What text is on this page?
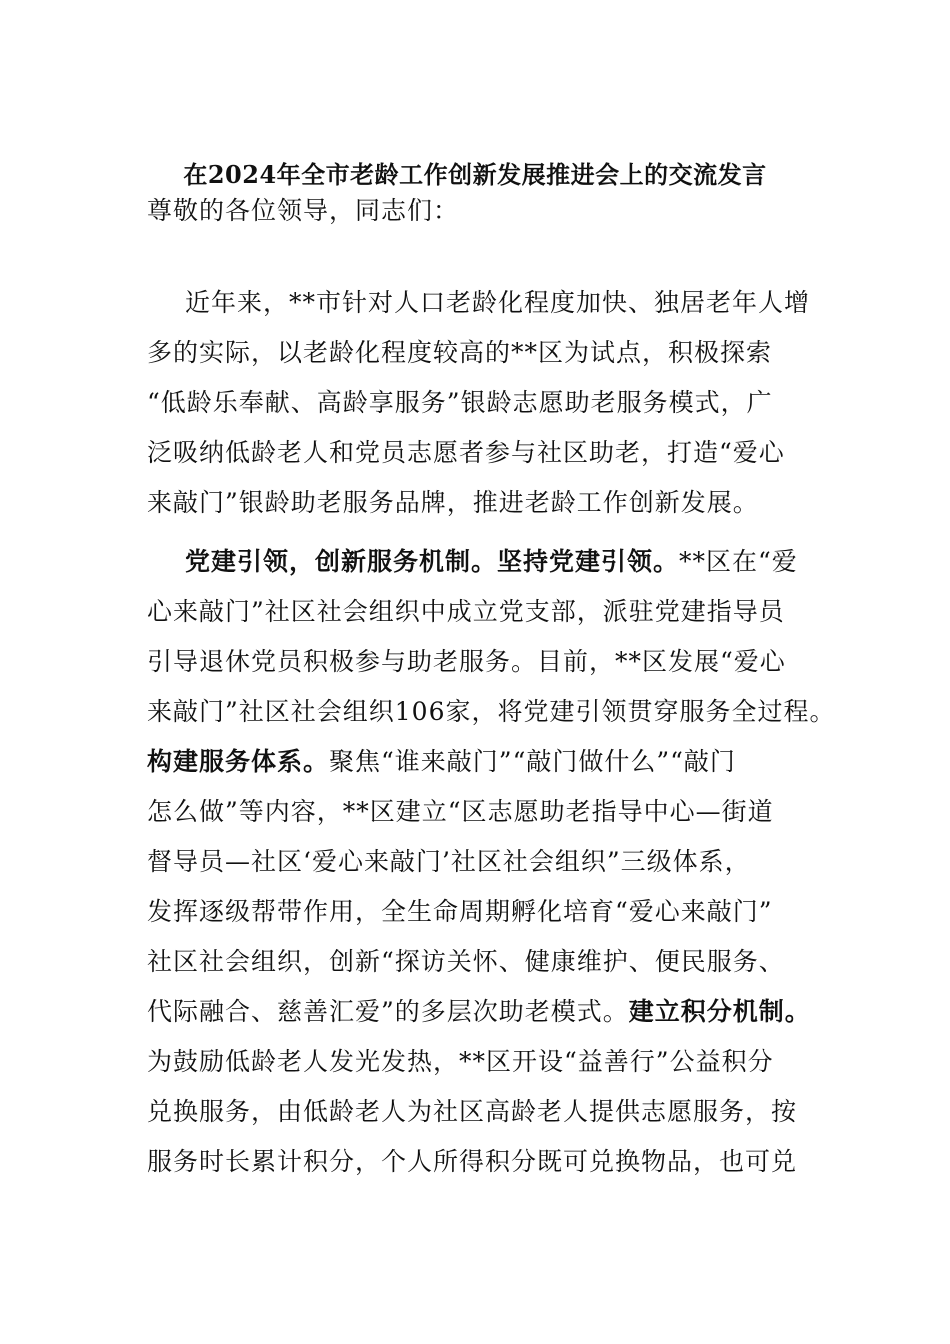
在2024年全市老龄工作创新发展推进会上的交流发言
尊敬的各位领导，同志们：
近年来，**市针对人口老龄化程度加快、独居老年人增
多的实际，以老龄化程度较高的**区为试点，积极探索
“低龄乐奉献、高龄享服务”银龄志愿助老服务模式，广
泛吸纳低龄老人和党员志愿者参与社区助老，打造“爱心
来敲门”银龄助老服务品牌，推进老龄工作创新发展。
党建引领，创新服务机制。坚持党建引领。**区在“爱
心来敲门”社区社会组织中成立党支部，派驻党建指导员
引导退休党员积极参与助老服务。目前，**区发展“爱心
来敲门”社区社会组织106家，将党建引领贯穿服务全过程。
构建服务体系。聚焦“谁来敲门”“敲门做什么”“敲门
怎么做”等内容，**区建立“区志愿助老指导中心—街道
督导员—社区‘爱心来敲门’社区社会组织”三级体系，
发挥逐级帮带作用，全生命周期孵化培育“爱心来敲门”
社区社会组织，创新“探访关怀、健康维护、便民服务、
代际融合、慈善汇爱”的多层次助老模式。建立积分机制。
为鼓励低龄老人发光发热，**区开设“益善行”公益积分
兑换服务，由低龄老人为社区高龄老人提供志愿服务，按
服务时长累计积分，个人所得积分既可兑换物品，也可兑
